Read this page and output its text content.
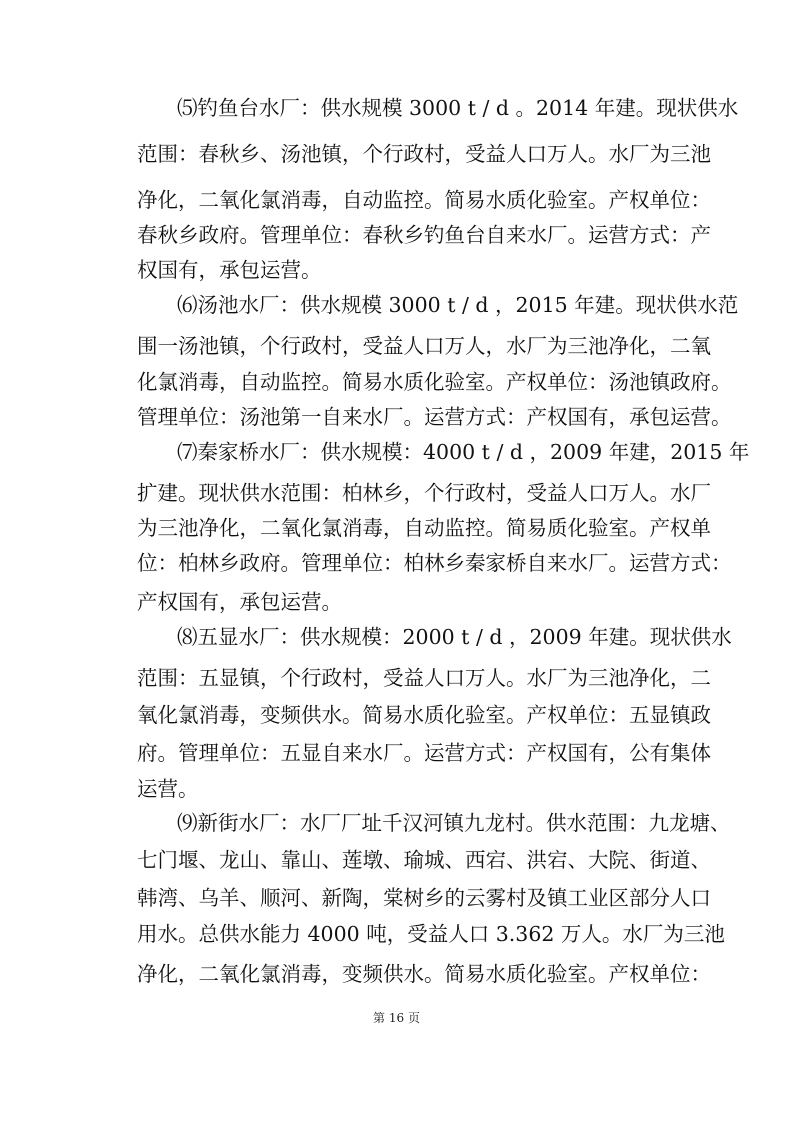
⑸钓鱼台水厂：供水规模 3000 t / d 。2014 年建。现状供水
范围：春秋乡、汤池镇，个行政村，受益人口万人。水厂为三池
净化，二氧化氯消毒，自动监控。简易水质化验室。产权单位：
春秋乡政府。管理单位：春秋乡钓鱼台自来水厂。运营方式：产
权国有，承包运营。
⑹汤池水厂：供水规模 3000 t / d ，2015 年建。现状供水范
围一汤池镇，个行政村，受益人口万人，水厂为三池净化，二氧
化氯消毒，自动监控。简易水质化验室。产权单位：汤池镇政府。
管理单位：汤池第一自来水厂。运营方式：产权国有，承包运营。
⑺秦家桥水厂：供水规模：4000 t / d ，2009 年建，2015 年
扩建。现状供水范围：柏林乡，个行政村，受益人口万人。水厂
为三池净化，二氧化氯消毒，自动监控。简易质化验室。产权单
位：柏林乡政府。管理单位：柏林乡秦家桥自来水厂。运营方式：
产权国有，承包运营。
⑻五显水厂：供水规模：2000 t / d ，2009 年建。现状供水
范围：五显镇，个行政村，受益人口万人。水厂为三池净化，二
氧化氯消毒，变频供水。简易水质化验室。产权单位：五显镇政
府。管理单位：五显自来水厂。运营方式：产权国有，公有集体
运营。
⑼新街水厂：水厂厂址千汉河镇九龙村。供水范围：九龙塘、
七门堰、龙山、靠山、莲墩、瑜城、西宕、洪宕、大院、街道、
韩湾、乌羊、顺河、新陶，棠树乡的云雾村及镇工业区部分人口
用水。总供水能力 4000 吨，受益人口 3.362 万人。水厂为三池
净化，二氧化氯消毒，变频供水。简易水质化验室。产权单位：
第 16 页
